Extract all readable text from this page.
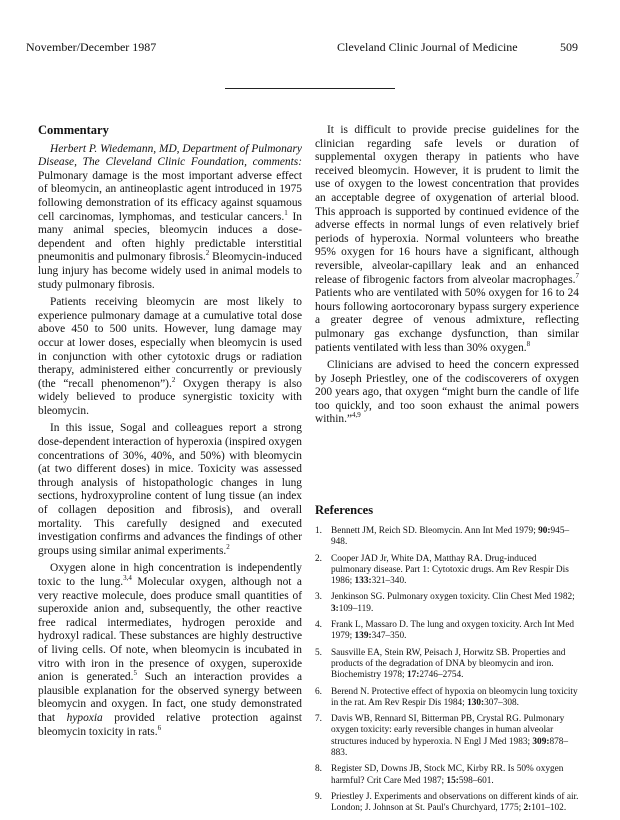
November/December 1987	Cleveland Clinic Journal of Medicine	509
Commentary

Herbert P. Wiedemann, MD, Department of Pulmonary Disease, The Cleveland Clinic Foundation, comments: Pulmonary damage is the most important adverse effect of bleomycin, an antineoplastic agent introduced in 1975 following demonstration of its efficacy against squamous cell carcinomas, lymphomas, and testicular cancers.$^1$ In many animal species, bleomycin induces a dose-dependent and often highly predictable interstitial pneumonitis and pulmonary fibrosis.$^2$ Bleomycin-induced lung injury has become widely used in animal models to study pulmonary fibrosis.

Patients receiving bleomycin are most likely to experience pulmonary damage at a cumulative total dose above 450 to 500 units. However, lung damage may occur at lower doses, especially when bleomycin is used in conjunction with other cytotoxic drugs or radiation therapy, administered either concurrently or previously (the “recall phenomenon”).$^2$ Oxygen therapy is also widely believed to produce synergistic toxicity with bleomycin.

In this issue, Sogal and colleagues report a strong dose-dependent interaction of hyperoxia (inspired oxygen concentrations of 30%, 40%, and 50%) with bleomycin (at two different doses) in mice. Toxicity was assessed through analysis of histopathologic changes in lung sections, hydroxyproline content of lung tissue (an index of collagen deposition and fibrosis), and overall mortality. This carefully designed and executed investigation confirms and advances the findings of other groups using similar animal experiments.$^2$

Oxygen alone in high concentration is independently toxic to the lung.$^{3,4}$ Molecular oxygen, although not a very reactive molecule, does produce small quantities of superoxide anion and, subsequently, the other reactive free radical intermediates, hydrogen peroxide and hydroxyl radical. These substances are highly destructive of living cells. Of note, when bleomycin is incubated in vitro with iron in the presence of oxygen, superoxide anion is generated.$^5$ Such an interaction provides a plausible explanation for the observed synergy between bleomycin and oxygen. In fact, one study demonstrated that hypoxia provided relative protection against bleomycin toxicity in rats.$^6$

It is difficult to provide precise guidelines for the clinician regarding safe levels or duration of supplemental oxygen therapy in patients who have received bleomycin. However, it is prudent to limit the use of oxygen to the lowest concentration that provides an acceptable degree of oxygenation of arterial blood. This approach is supported by continued evidence of the adverse effects in normal lungs of even relatively brief periods of hyperoxia. Normal volunteers who breathe 95% oxygen for 16 hours have a significant, although reversible, alveolar-capillary leak and an enhanced release of fibrogenic factors from alveolar macrophages.$^7$ Patients who are ventilated with 50% oxygen for 16 to 24 hours following aortocoronary bypass surgery experience a greater degree of venous admixture, reflecting pulmonary gas exchange dysfunction, than similar patients ventilated with less than 30% oxygen.$^8$

Clinicians are advised to heed the concern expressed by Joseph Priestley, one of the codiscoverers of oxygen 200 years ago, that oxygen “might burn the candle of life too quickly, and too soon exhaust the animal powers within.”$^{4,9}$

References
1. Bennett JM, Reich SD. Bleomycin. Ann Int Med 1979; 90:945–948.
2. Cooper JAD Jr, White DA, Matthay RA. Drug-induced pulmonary disease. Part 1: Cytotoxic drugs. Am Rev Respir Dis 1986; 133:321–340.
3. Jenkinson SG. Pulmonary oxygen toxicity. Clin Chest Med 1982; 3:109–119.
4. Frank L, Massaro D. The lung and oxygen toxicity. Arch Int Med 1979; 139:347–350.
5. Sausville EA, Stein RW, Peisach J, Horwitz SB. Properties and products of the degradation of DNA by bleomycin and iron. Biochemistry 1978; 17:2746–2754.
6. Berend N. Protective effect of hypoxia on bleomycin lung toxicity in the rat. Am Rev Respir Dis 1984; 130:307–308.
7. Davis WB, Rennard SI, Bitterman PB, Crystal RG. Pulmonary oxygen toxicity: early reversible changes in human alveolar structures induced by hyperoxia. N Engl J Med 1983; 309:878–883.
8. Register SD, Downs JB, Stock MC, Kirby RR. Is 50% oxygen harmful? Crit Care Med 1987; 15:598–601.
9. Priestley J. Experiments and observations on different kinds of air. London; J. Johnson at St. Paul's Churchyard, 1775; 2:101–102.
